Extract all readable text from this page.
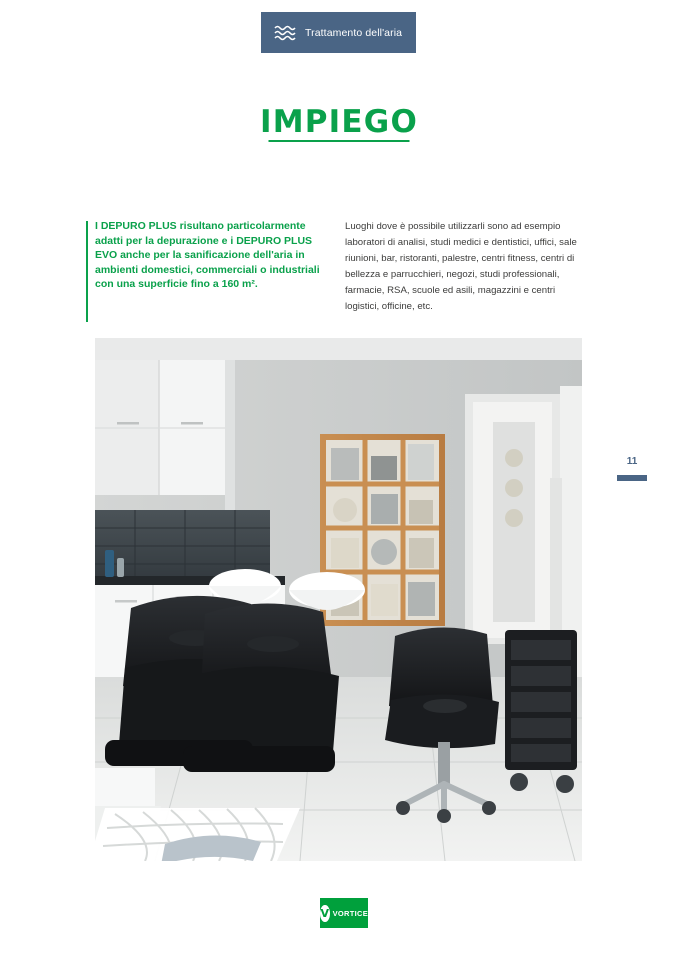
Trattamento dell'aria
IMPIEGO
I DEPURO PLUS risultano particolarmente adatti per la depurazione e i DEPURO PLUS EVO anche per la sanificazione dell'aria in ambienti domestici, commerciali o industriali con una superficie fino a 160 m².
Luoghi dove è possibile utilizzarli sono ad esempio laboratori di analisi, studi medici e dentistici, uffici, sale riunioni, bar, ristoranti, palestre, centri fitness, centri di bellezza e parrucchieri, negozi, studi professionali, farmacie, RSA, scuole ed asili, magazzini e centri logistici, officine, etc.
11
V VORTICE
